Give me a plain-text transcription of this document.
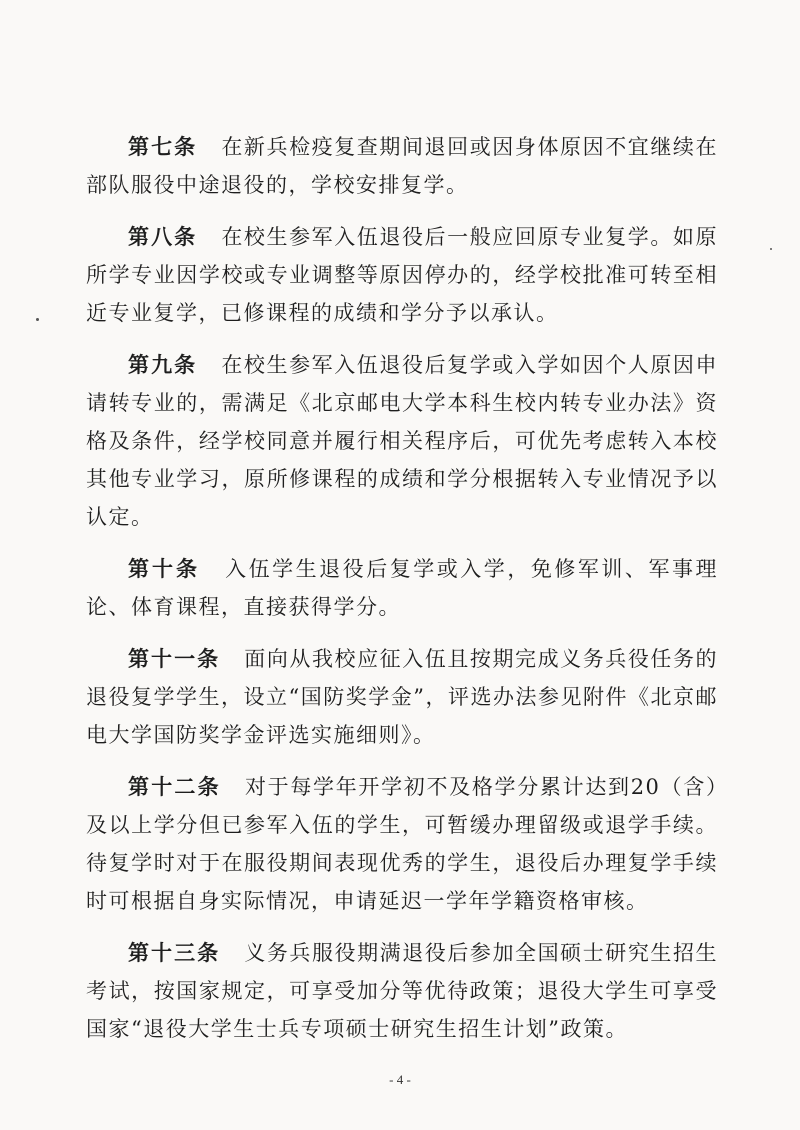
第七条 在新兵检疫复查期间退回或因身体原因不宜继续在部队服役中途退役的，学校安排复学。

第八条 在校生参军入伍退役后一般应回原专业复学。如原所学专业因学校或专业调整等原因停办的，经学校批准可转至相近专业复学，已修课程的成绩和学分予以承认。

第九条 在校生参军入伍退役后复学或入学如因个人原因申请转专业的，需满足《北京邮电大学本科生校内转专业办法》资格及条件，经学校同意并履行相关程序后，可优先考虑转入本校其他专业学习，原所修课程的成绩和学分根据转入专业情况予以认定。

第十条 入伍学生退役后复学或入学，免修军训、军事理论、体育课程，直接获得学分。

第十一条 面向从我校应征入伍且按期完成义务兵役任务的退役复学学生，设立“国防奖学金”，评选办法参见附件《北京邮电大学国防奖学金评选实施细则》。

第十二条 对于每学年开学初不及格学分累计达到20（含）及以上学分但已参军入伍的学生，可暂缓办理留级或退学手续。待复学时对于在服役期间表现优秀的学生，退役后办理复学手续时可根据自身实际情况，申请延迟一学年学籍资格审核。

第十三条 义务兵服役期满退役后参加全国硕士研究生招生考试，按国家规定，可享受加分等优待政策；退役大学生可享受国家“退役大学生士兵专项硕士研究生招生计划”政策。

- 4 -
